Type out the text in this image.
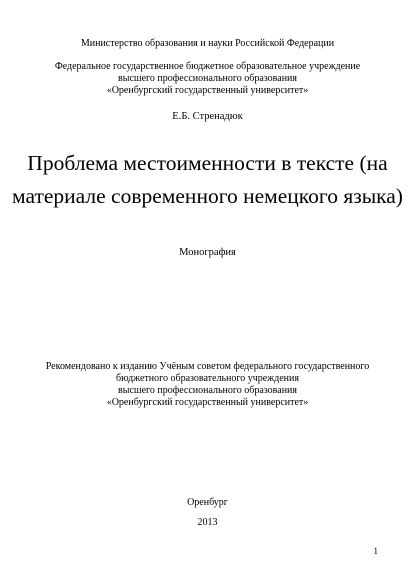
Министерство образования и науки Российской Федерации
Федеральное государственное бюджетное образовательное учреждение
высшего профессионального образования
«Оренбургский государственный университет»
Е.Б. Стренадюк
Проблема местоименности в тексте (на
материале современного немецкого языка)
Монография
Рекомендовано к изданию Учёным советом федерального государственного
бюджетного образовательного учреждения
высшего профессионального образования
«Оренбургский государственный университет»
Оренбург
2013
1
